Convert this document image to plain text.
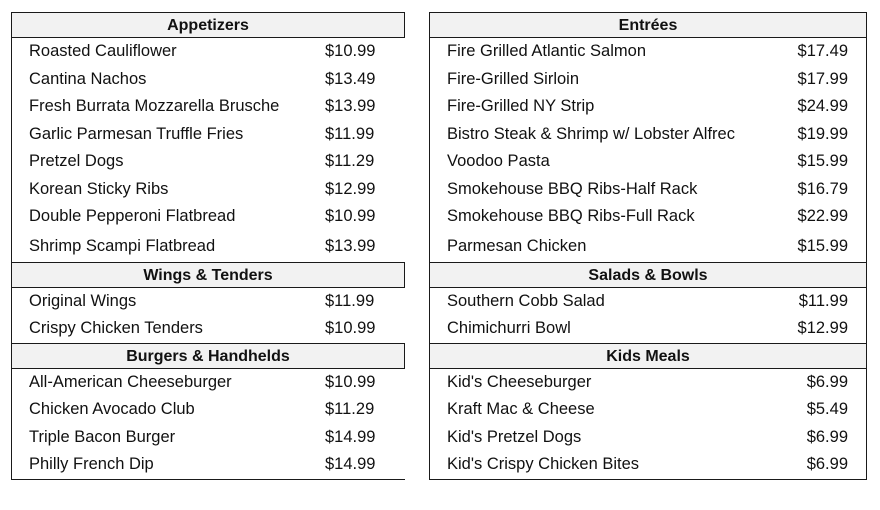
Appetizers
Roasted Cauliflower	$10.99
Cantina Nachos	$13.49
Fresh Burrata Mozzarella Brusche	$13.99
Garlic Parmesan Truffle Fries	$11.99
Pretzel Dogs	$11.29
Korean Sticky Ribs	$12.99
Double Pepperoni Flatbread	$10.99
Shrimp Scampi Flatbread	$13.99
Wings & Tenders
Original Wings	$11.99
Crispy Chicken Tenders	$10.99
Burgers & Handhelds
All-American Cheeseburger	$10.99
Chicken Avocado Club	$11.29
Triple Bacon Burger	$14.99
Philly French Dip	$14.99
Entrées
Fire Grilled Atlantic Salmon	$17.49
Fire-Grilled Sirloin	$17.99
Fire-Grilled NY Strip	$24.99
Bistro Steak & Shrimp w/ Lobster Alfrec	$19.99
Voodoo Pasta	$15.99
Smokehouse BBQ Ribs-Half Rack	$16.79
Smokehouse BBQ Ribs-Full Rack	$22.99
Parmesan Chicken	$15.99
Salads & Bowls
Southern Cobb Salad	$11.99
Chimichurri Bowl	$12.99
Kids Meals
Kid's Cheeseburger	$6.99
Kraft Mac & Cheese	$5.49
Kid's Pretzel Dogs	$6.99
Kid's Crispy Chicken Bites	$6.99
